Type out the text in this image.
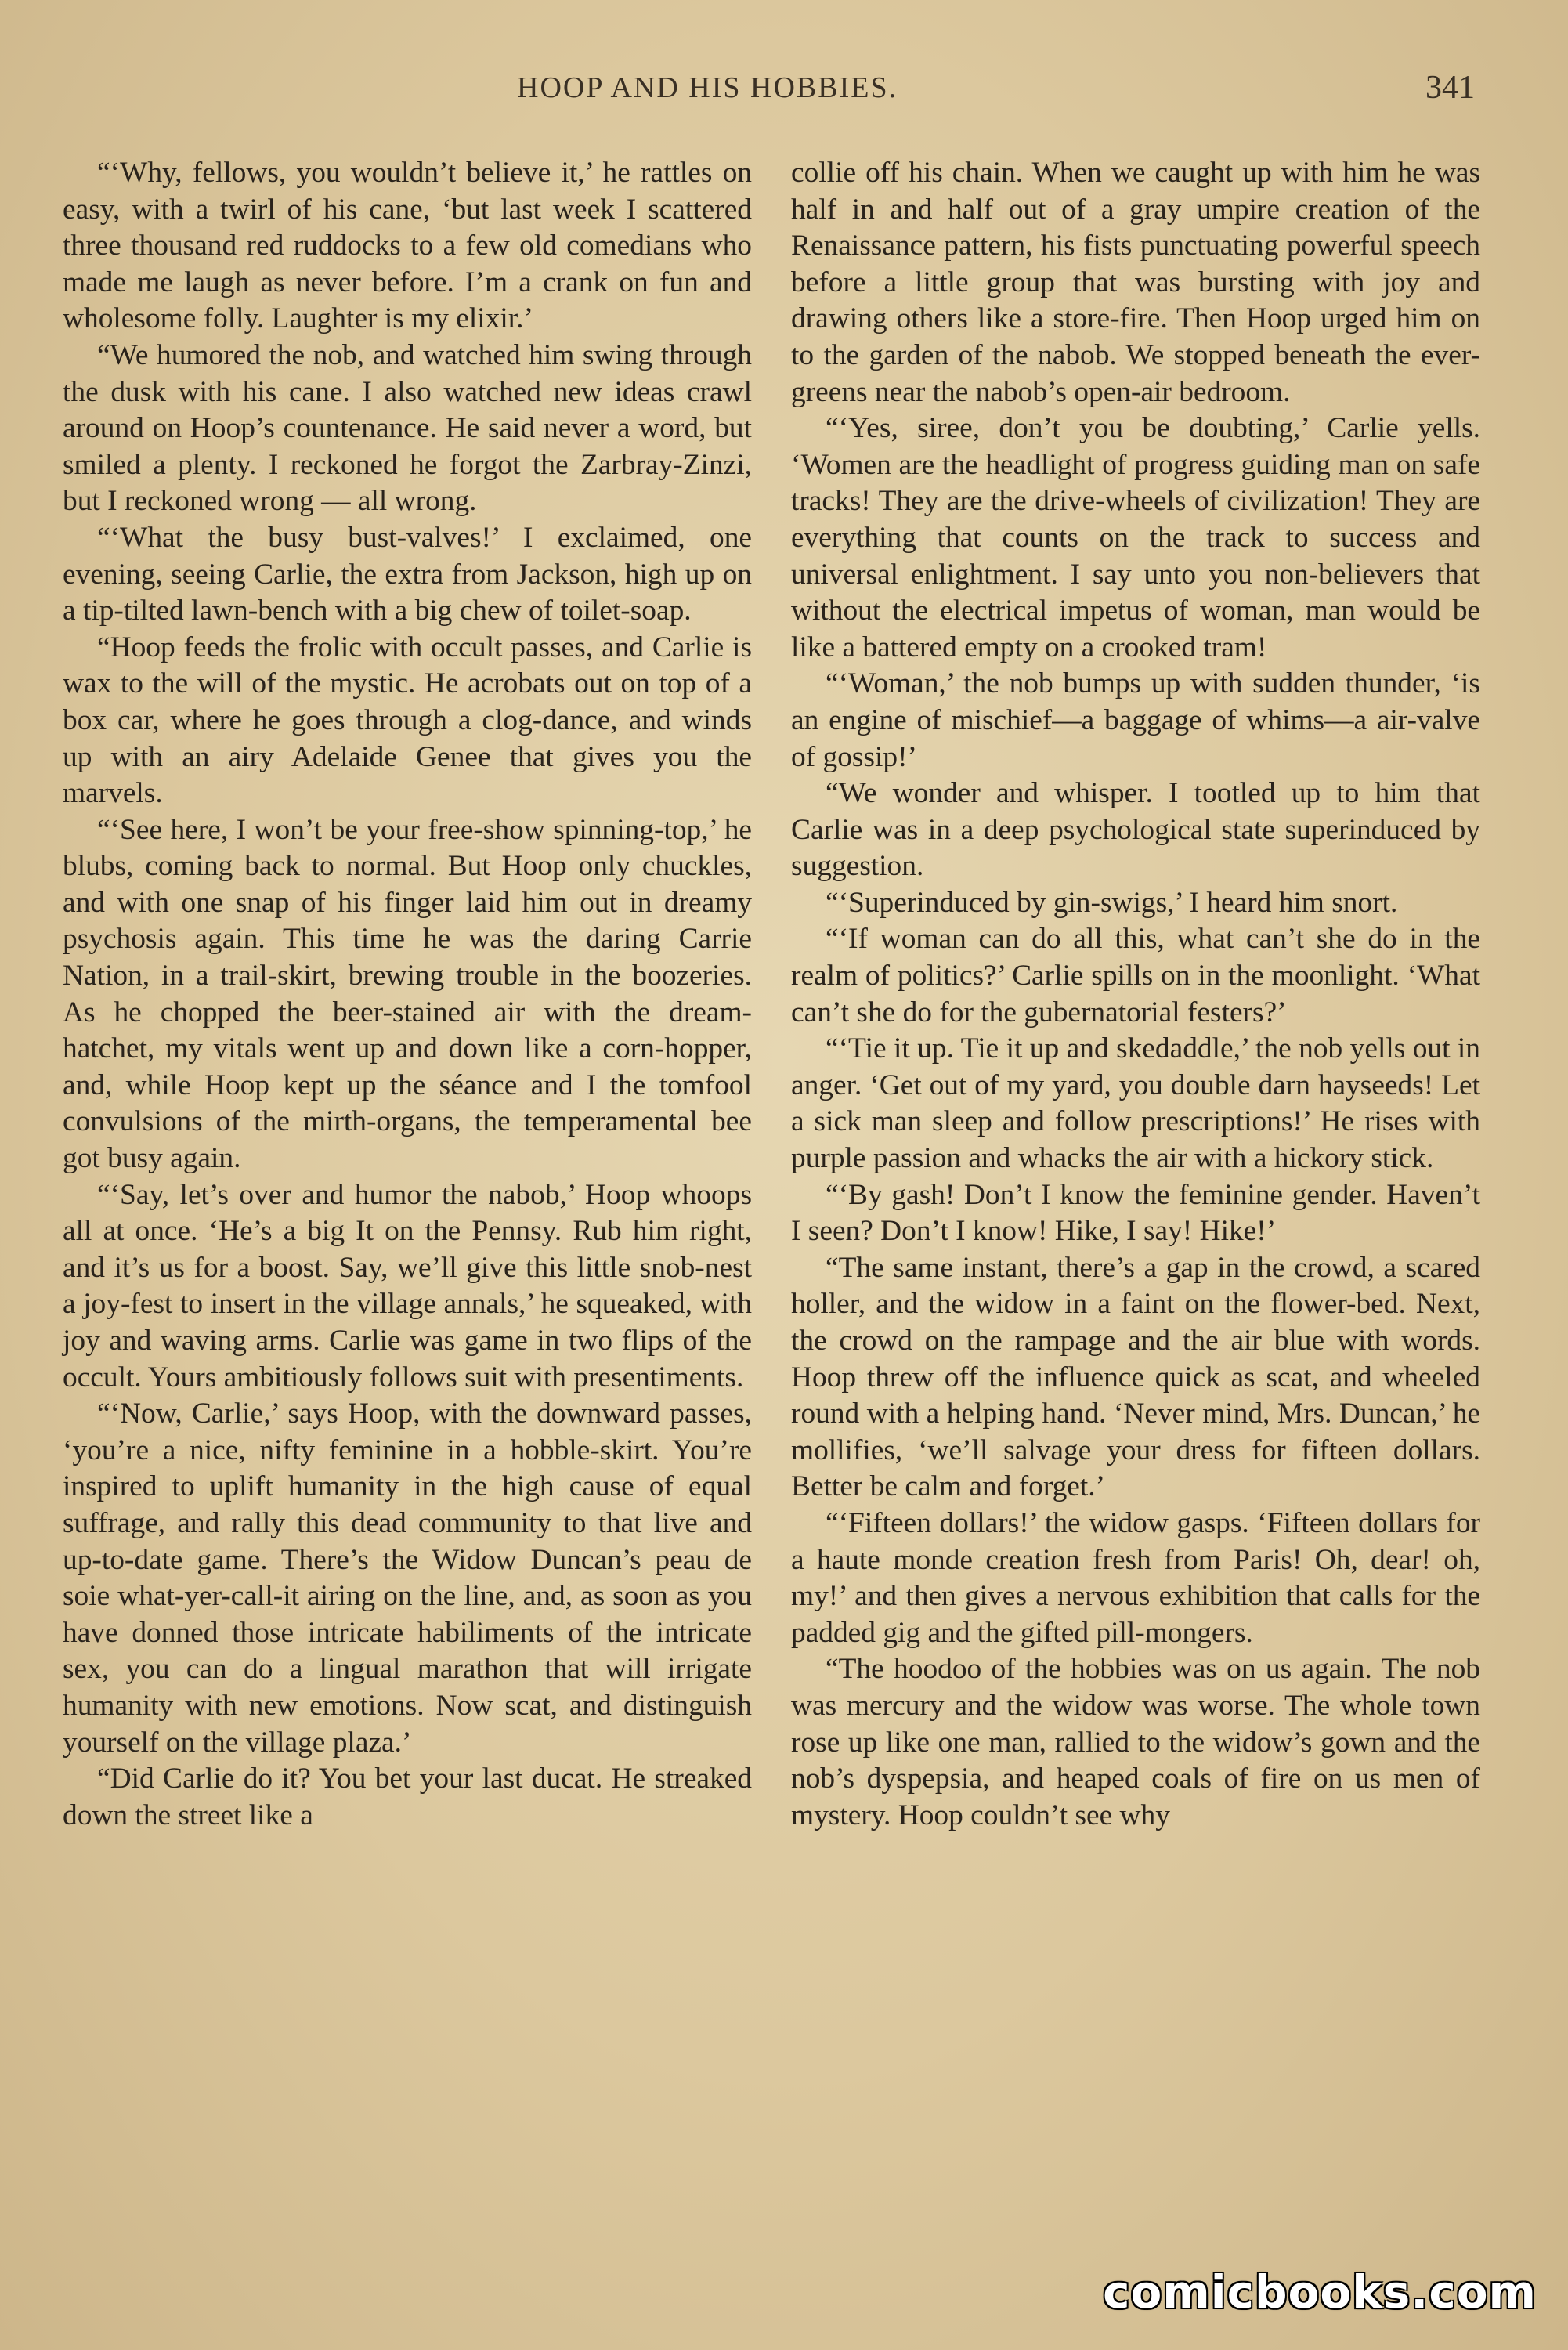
HOOP AND HIS HOBBIES.	341

“‘Why, fellows, you wouldn’t believe it,’ he rattles on easy, with a twirl of his cane, ‘but last week I scattered three thousand red ruddocks to a few old comedians who made me laugh as never before. I’m a crank on fun and wholesome folly. Laughter is my elixir.’

“We humored the nob, and watched him swing through the dusk with his cane. I also watched new ideas crawl around on Hoop’s countenance. He said never a word, but smiled a plenty. I reckoned he forgot the Zarbray-Zinzi, but I reckoned wrong — all wrong.

“‘What the busy bust-valves!’ I exclaimed, one evening, seeing Carlie, the extra from Jackson, high up on a tip-tilted lawn-bench with a big chew of toilet-soap.

“Hoop feeds the frolic with occult passes, and Carlie is wax to the will of the mystic. He acrobats out on top of a box car, where he goes through a clog-dance, and winds up with an airy Adelaide Genee that gives you the marvels.

“‘See here, I won’t be your free-show spinning-top,’ he blubs, coming back to normal. But Hoop only chuckles, and with one snap of his finger laid him out in dreamy psychosis again. This time he was the daring Carrie Nation, in a trail-skirt, brewing trouble in the boozeries. As he chopped the beer-stained air with the dream-hatchet, my vitals went up and down like a corn-hopper, and, while Hoop kept up the séance and I the tomfool convulsions of the mirth-organs, the temperamental bee got busy again.

“‘Say, let’s over and humor the nabob,’ Hoop whoops all at once. ‘He’s a big It on the Pennsy. Rub him right, and it’s us for a boost. Say, we’ll give this little snob-nest a joy-fest to insert in the village annals,’ he squeaked, with joy and waving arms. Carlie was game in two flips of the occult. Yours ambitiously follows suit with presentiments.

“‘Now, Carlie,’ says Hoop, with the downward passes, ‘you’re a nice, nifty feminine in a hobble-skirt. You’re inspired to uplift humanity in the high cause of equal suffrage, and rally this dead community to that live and up-to-date game. There’s the Widow Duncan’s peau de soie what-yer-call-it airing on the line, and, as soon as you have donned those intricate habiliments of the intricate sex, you can do a lingual marathon that will irrigate humanity with new emotions. Now scat, and distinguish yourself on the village plaza.’

“Did Carlie do it? You bet your last ducat. He streaked down the street like a

collie off his chain. When we caught up with him he was half in and half out of a gray umpire creation of the Renaissance pattern, his fists punctuating powerful speech before a little group that was bursting with joy and drawing others like a store-fire. Then Hoop urged him on to the garden of the nabob. We stopped beneath the ever-greens near the nabob’s open-air bedroom.

“‘Yes, siree, don’t you be doubting,’ Carlie yells. ‘Women are the headlight of progress guiding man on safe tracks! They are the drive-wheels of civilization! They are everything that counts on the track to success and universal enlightment. I say unto you non-believers that without the electrical impetus of woman, man would be like a battered empty on a crooked tram!

“‘Woman,’ the nob bumps up with sudden thunder, ‘is an engine of mischief—a baggage of whims—a air-valve of gossip!’

“We wonder and whisper. I tootled up to him that Carlie was in a deep psychological state superinduced by suggestion.

“‘Superinduced by gin-swigs,’ I heard him snort.

“‘If woman can do all this, what can’t she do in the realm of politics?’ Carlie spills on in the moonlight. ‘What can’t she do for the gubernatorial festers?’

“‘Tie it up. Tie it up and skedaddle,’ the nob yells out in anger. ‘Get out of my yard, you double darn hayseeds! Let a sick man sleep and follow prescriptions!’ He rises with purple passion and whacks the air with a hickory stick.

“‘By gash! Don’t I know the feminine gender. Haven’t I seen? Don’t I know! Hike, I say! Hike!’

“The same instant, there’s a gap in the crowd, a scared holler, and the widow in a faint on the flower-bed. Next, the crowd on the rampage and the air blue with words. Hoop threw off the influence quick as scat, and wheeled round with a helping hand. ‘Never mind, Mrs. Duncan,’ he mollifies, ‘we’ll salvage your dress for fifteen dollars. Better be calm and forget.’

“‘Fifteen dollars!’ the widow gasps. ‘Fifteen dollars for a haute monde creation fresh from Paris! Oh, dear! oh, my!’ and then gives a nervous exhibition that calls for the padded gig and the gifted pill-mongers.

“The hoodoo of the hobbies was on us again. The nob was mercury and the widow was worse. The whole town rose up like one man, rallied to the widow’s gown and the nob’s dyspepsia, and heaped coals of fire on us men of mystery. Hoop couldn’t see why

comicbooks.com
